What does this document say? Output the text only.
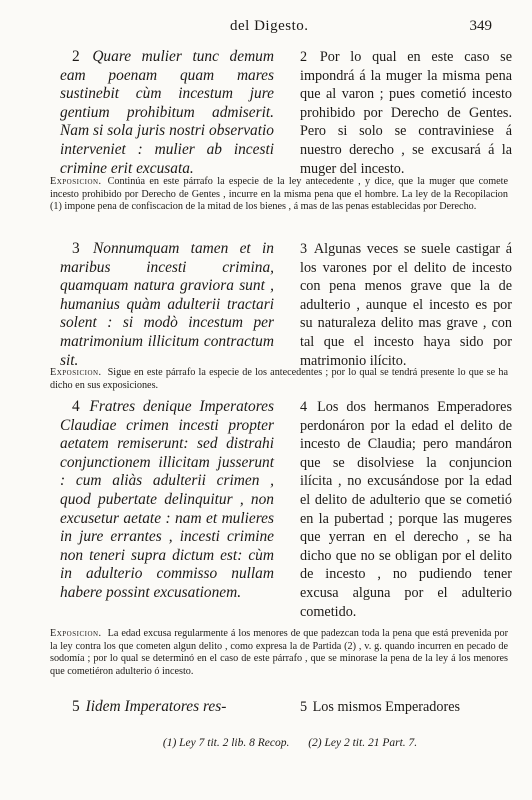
del Digesto.	349

2 Quare mulier tunc demum eam poenam quam mares sustinebit cùm incestum jure gentium prohibitum admiserit. Nam si sola juris nostri observatio interveniet : mulier ab incesti crimine erit excusata.

2 Por lo qual en este caso se impondrá á la muger la misma pena que al varon ; pues cometió incesto prohibido por Derecho de Gentes. Pero si solo se contraviniese á nuestro derecho , se excusará á la muger del incesto.

Exposicion. Continúa en este párrafo la especie de la ley antecedente , y dice, que la muger que comete incesto prohibido por Derecho de Gentes , incurre en la misma pena que el hombre. La ley de la Recopilacion (1) impone pena de confiscacion de la mitad de los bienes , á mas de las penas establecidas por Derecho.

3 Nonnumquam tamen et in maribus incesti crimina, quamquam natura graviora sunt , humanius quàm adulterii tractari solent : si modò incestum per matrimonium illicitum contractum sit.

3 Algunas veces se suele castigar á los varones por el delito de incesto con pena menos grave que la de adulterio , aunque el incesto es por su naturaleza delito mas grave , con tal que el incesto haya sido por matrimonio ilícito.

Exposicion. Sigue en este párrafo la especie de los antecedentes ; por lo qual se tendrá presente lo que se ha dicho en sus exposiciones.

4 Fratres denique Imperatores Claudiae crimen incesti propter aetatem remiserunt: sed distrahi conjunctionem illicitam jusserunt : cum aliàs adulterii crimen , quod pubertate delinquitur , non excusetur aetate : nam et mulieres in jure errantes , incesti crimine non teneri supra dictum est: cùm in adulterio commisso nullam habere possint excusationem.

4 Los dos hermanos Emperadores perdonáron por la edad el delito de incesto de Claudia; pero mandáron que se disolviese la conjuncion ilícita , no excusándose por la edad el delito de adulterio que se cometió en la pubertad ; porque las mugeres que yerran en el derecho , se ha dicho que no se obligan por el delito de incesto , no pudiendo tener excusa alguna por el adulterio cometido.

Exposicion. La edad excusa regularmente á los menores de que padezcan toda la pena que está prevenida por la ley contra los que cometen algun delito , como expresa la de Partida (2) , v. g. quando incurren en pecado de sodomía ; por lo qual se determinó en el caso de este párrafo , que se minorase la pena de la ley á los menores que cometiéron adulterio ó incesto.

5 Iidem Imperatores res-	5 Los mismos Emperadores

(1) Ley 7 tit. 2 lib. 8 Recop. (2) Ley 2 tit. 21 Part. 7.
